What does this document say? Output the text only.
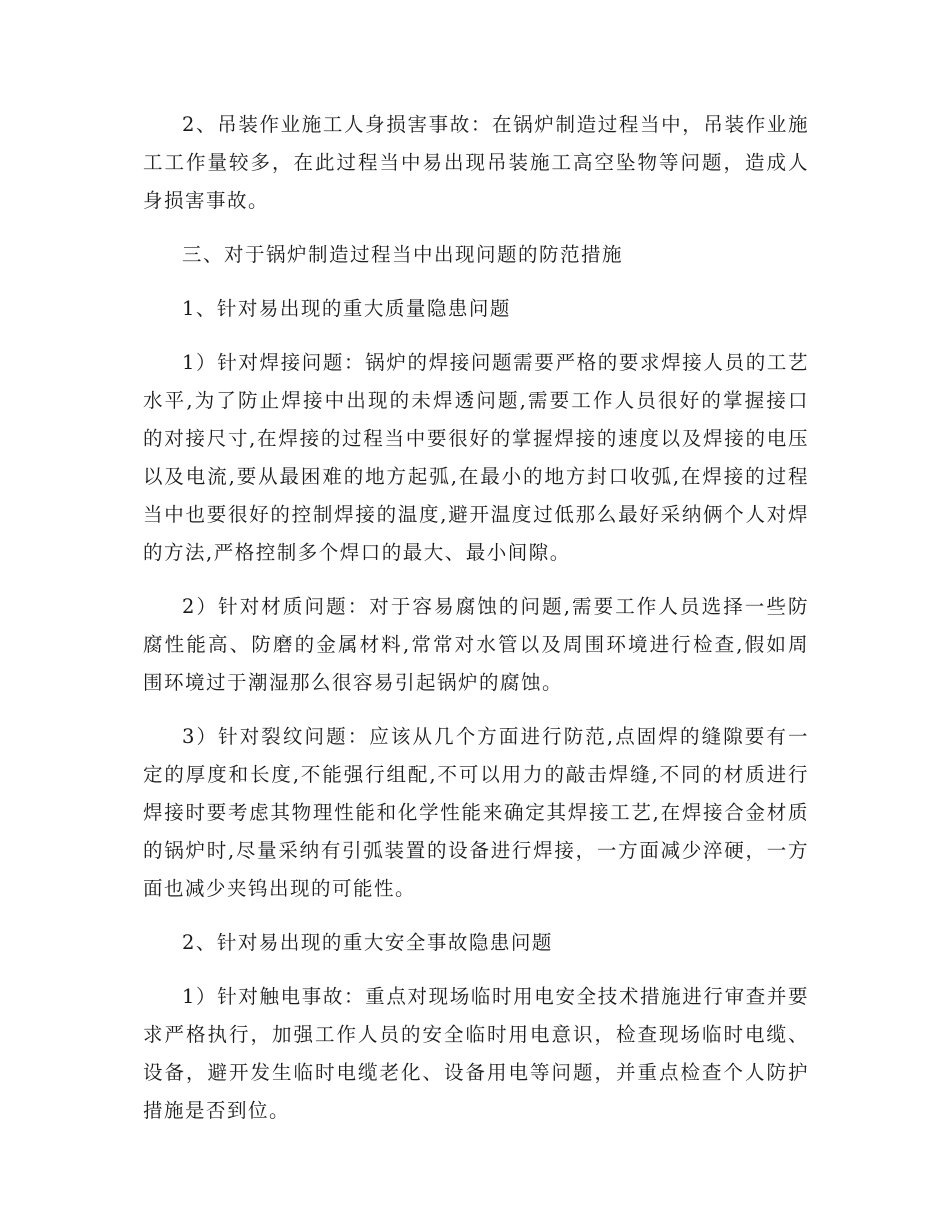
2、吊装作业施工人身损害事故：在锅炉制造过程当中，吊装作业施工工作量较多，在此过程当中易出现吊装施工高空坠物等问题，造成人身损害事故。

三、对于锅炉制造过程当中出现问题的防范措施

1、针对易出现的重大质量隐患问题

1）针对焊接问题：锅炉的焊接问题需要严格的要求焊接人员的工艺水平,为了防止焊接中出现的未焊透问题,需要工作人员很好的掌握接口的对接尺寸,在焊接的过程当中要很好的掌握焊接的速度以及焊接的电压以及电流,要从最困难的地方起弧,在最小的地方封口收弧,在焊接的过程当中也要很好的控制焊接的温度,避开温度过低那么最好采纳俩个人对焊的方法,严格控制多个焊口的最大、最小间隙。

2）针对材质问题：对于容易腐蚀的问题,需要工作人员选择一些防腐性能高、防磨的金属材料,常常对水管以及周围环境进行检查,假如周围环境过于潮湿那么很容易引起锅炉的腐蚀。

3）针对裂纹问题：应该从几个方面进行防范,点固焊的缝隙要有一定的厚度和长度,不能强行组配,不可以用力的敲击焊缝,不同的材质进行焊接时要考虑其物理性能和化学性能来确定其焊接工艺,在焊接合金材质的锅炉时,尽量采纳有引弧装置的设备进行焊接，一方面减少淬硬，一方面也减少夹钨出现的可能性。

2、针对易出现的重大安全事故隐患问题

1）针对触电事故：重点对现场临时用电安全技术措施进行审查并要求严格执行，加强工作人员的安全临时用电意识，检查现场临时电缆、设备，避开发生临时电缆老化、设备用电等问题，并重点检查个人防护措施是否到位。
